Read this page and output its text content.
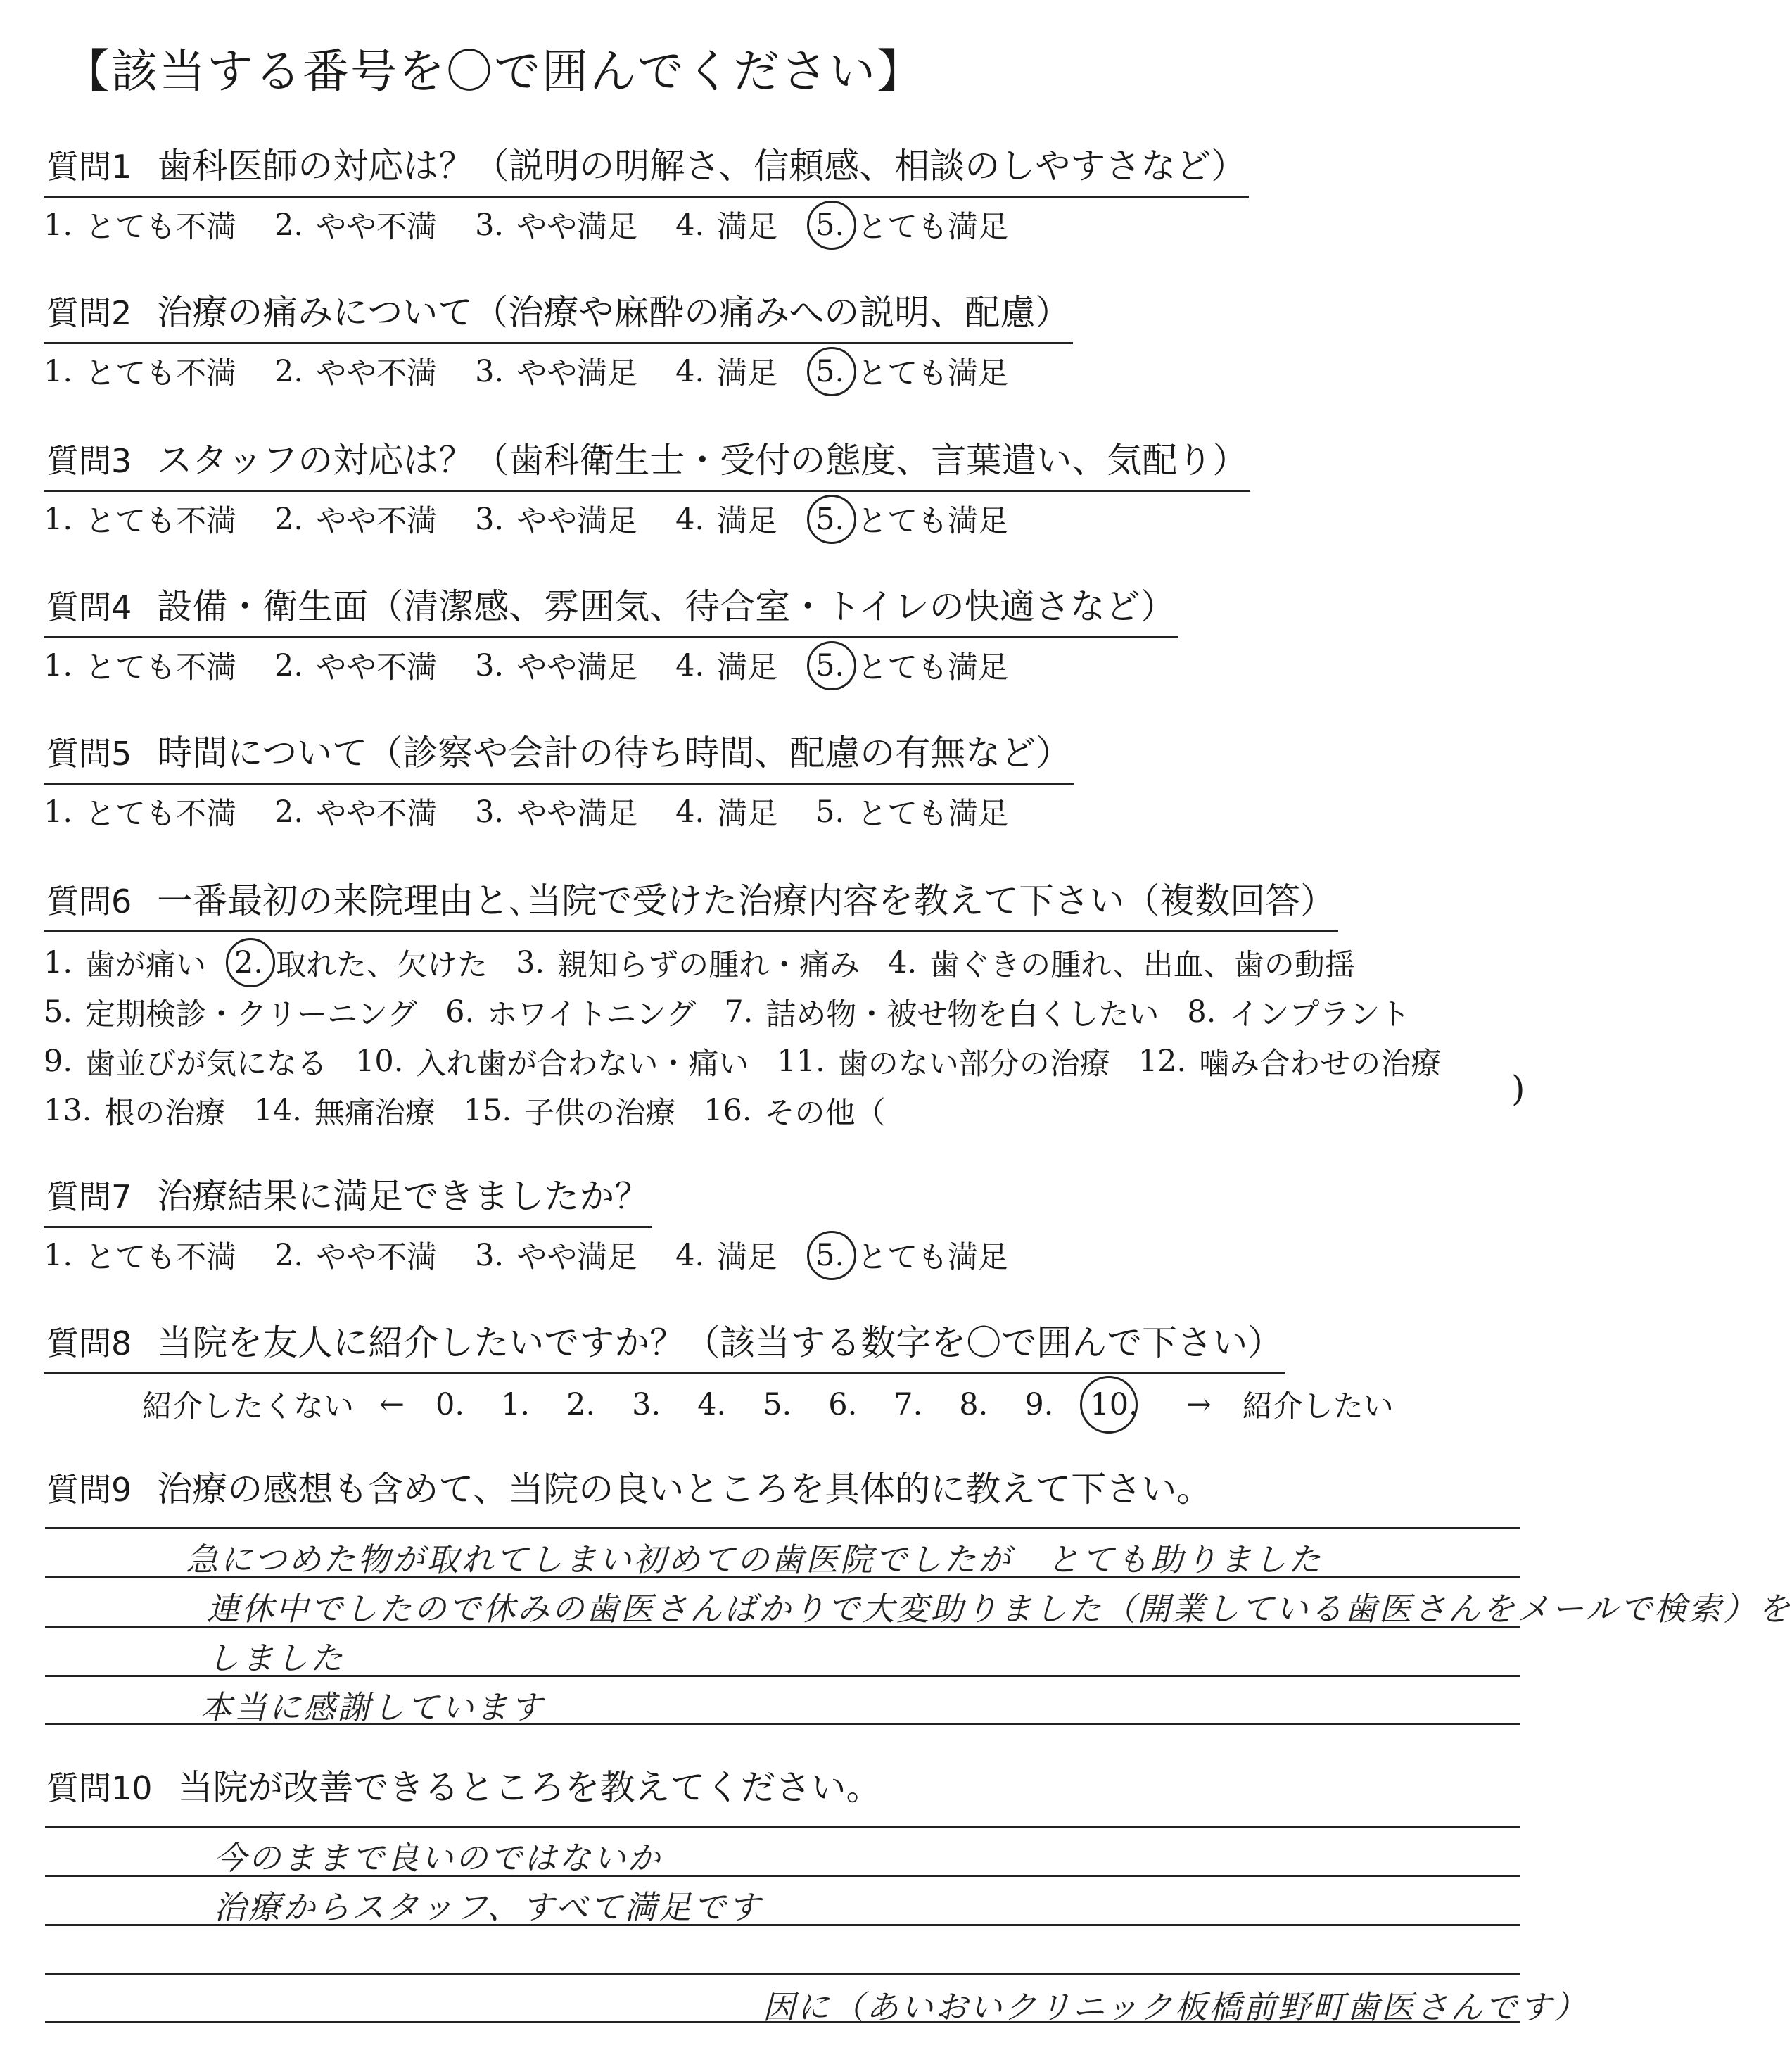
【該当する番号を〇で囲んでください】
質問1 歯科医師の対応は？（説明の明解さ、信頼感、相談のしやすさなど）
1. とても不満 2. やや不満 3. やや満足 4. 満足 5. とても満足
質問2 治療の痛みについて（治療や麻酔の痛みへの説明、配慮）
1. とても不満 2. やや不満 3. やや満足 4. 満足 5. とても満足
質問3 スタッフの対応は？（歯科衛生士・受付の態度、言葉遣い、気配り）
1. とても不満 2. やや不満 3. やや満足 4. 満足 5. とても満足
質問4 設備・衛生面（清潔感、雰囲気、待合室・トイレの快適さなど）
1. とても不満 2. やや不満 3. やや満足 4. 満足 5. とても満足
質問5 時間について（診察や会計の待ち時間、配慮の有無など）
1. とても不満 2. やや不満 3. やや満足 4. 満足 5. とても満足
質問6 一番最初の来院理由と､当院で受けた治療内容を教えて下さい（複数回答）
1. 歯が痛い 2. 取れた、欠けた 3. 親知らずの腫れ・痛み 4. 歯ぐきの腫れ、出血、歯の動揺
5. 定期検診・クリーニング 6. ホワイトニング 7. 詰め物・被せ物を白くしたい 8. インプラント
9. 歯並びが気になる 10. 入れ歯が合わない・痛い 11. 歯のない部分の治療 12. 噛み合わせの治療
13. 根の治療 14. 無痛治療 15. 子供の治療 16. その他（
)
質問7 治療結果に満足できましたか？
1. とても不満 2. やや不満 3. やや満足 4. 満足 5. とても満足
質問8 当院を友人に紹介したいですか？（該当する数字を〇で囲んで下さい）
紹介したくない ← 0. 1. 2. 3. 4. 5. 6. 7. 8. 9. 10. → 紹介したい
質問9 治療の感想も含めて、当院の良いところを具体的に教えて下さい。
急につめた物が取れてしまい初めての歯医院でしたが　とても助りました
連休中でしたので休みの歯医さんばかりで大変助りました（開業している歯医さんをメールで検索）を
しました
本当に感謝しています
質問10 当院が改善できるところを教えてください。
今のままで良いのではないか
治療からスタッフ、すべて満足です
因に（あいおいクリニック板橋前野町歯医さんです）
